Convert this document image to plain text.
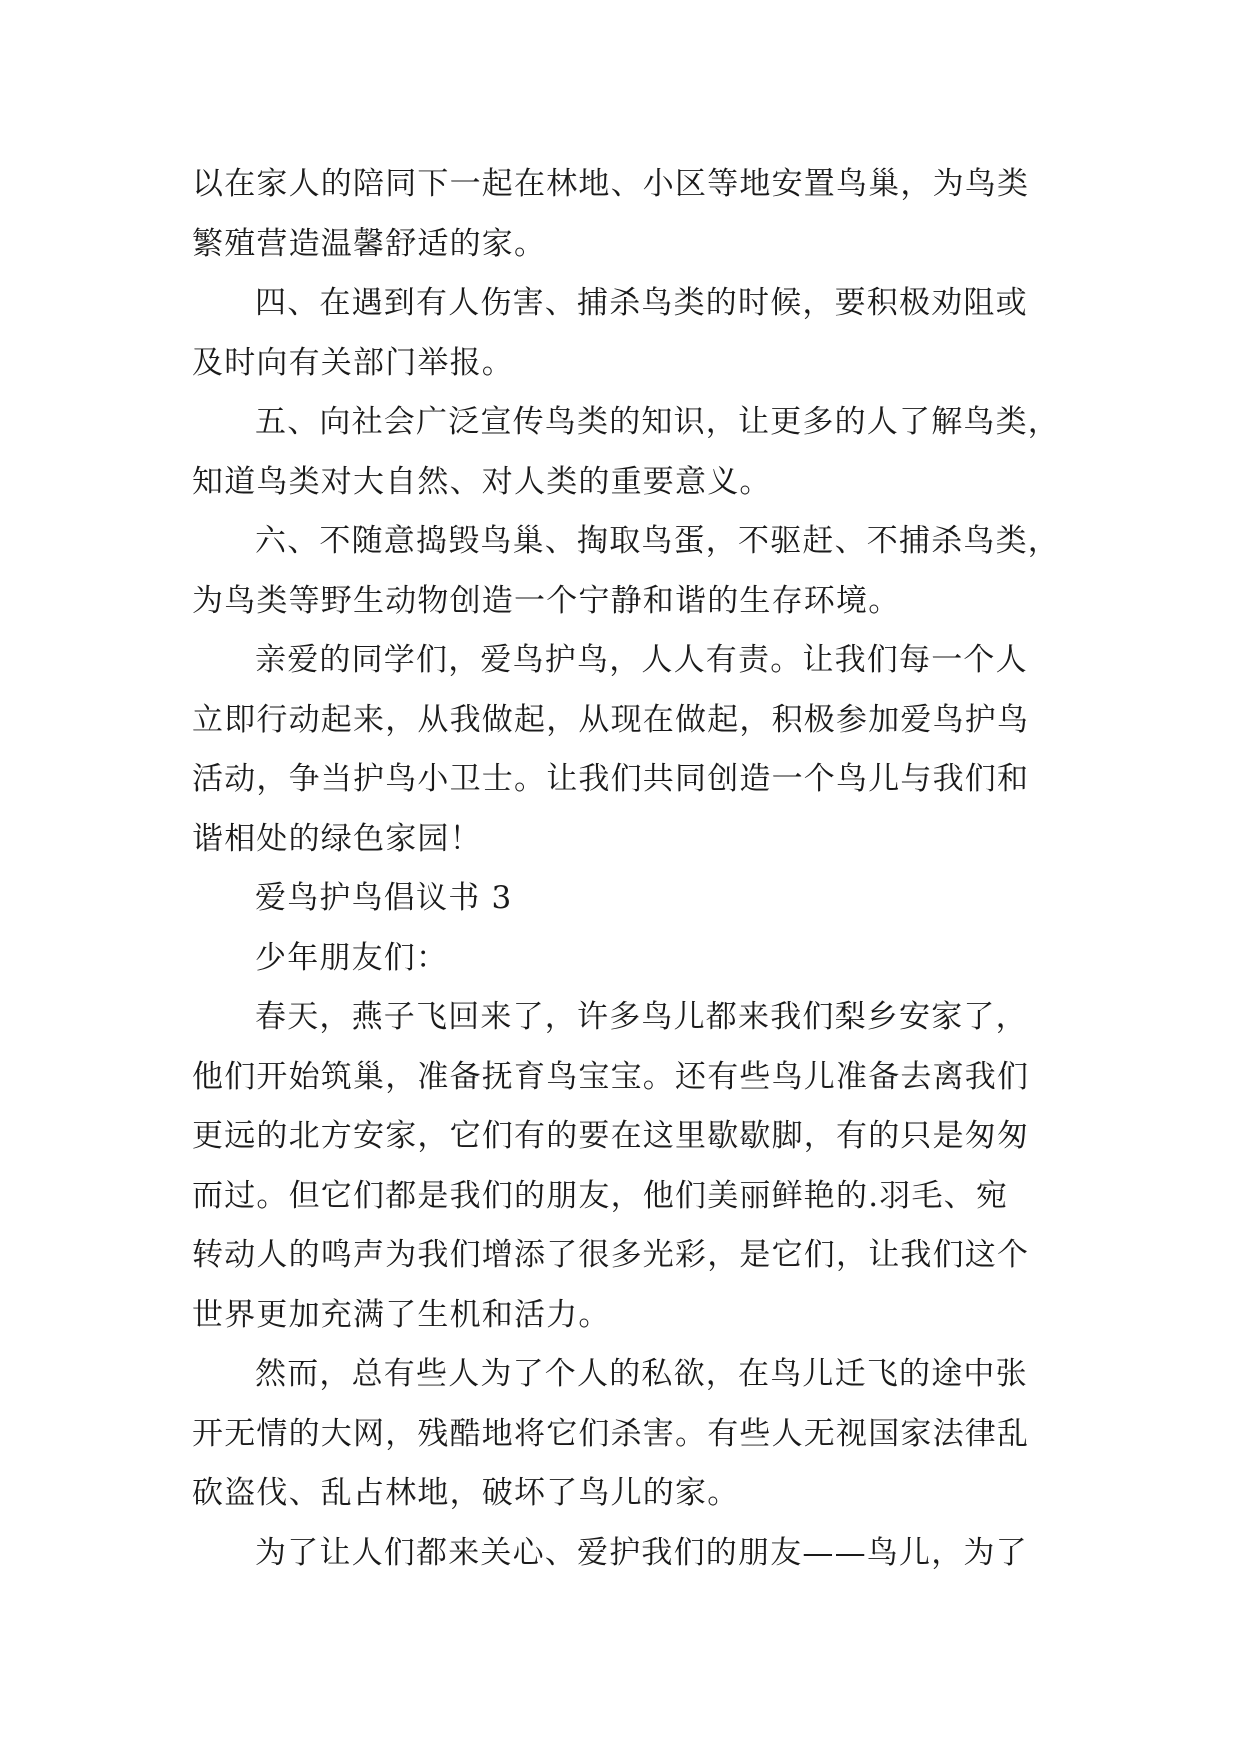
以在家人的陪同下一起在林地、小区等地安置鸟巢，为鸟类
繁殖营造温馨舒适的家。
四、在遇到有人伤害、捕杀鸟类的时候，要积极劝阻或
及时向有关部门举报。
五、向社会广泛宣传鸟类的知识，让更多的人了解鸟类，
知道鸟类对大自然、对人类的重要意义。
六、不随意捣毁鸟巢、掏取鸟蛋，不驱赶、不捕杀鸟类，
为鸟类等野生动物创造一个宁静和谐的生存环境。
亲爱的同学们，爱鸟护鸟，人人有责。让我们每一个人
立即行动起来，从我做起，从现在做起，积极参加爱鸟护鸟
活动，争当护鸟小卫士。让我们共同创造一个鸟儿与我们和
谐相处的绿色家园！
爱鸟护鸟倡议书 3
少年朋友们：
春天，燕子飞回来了，许多鸟儿都来我们梨乡安家了，
他们开始筑巢，准备抚育鸟宝宝。还有些鸟儿准备去离我们
更远的北方安家，它们有的要在这里歇歇脚，有的只是匆匆
而过。但它们都是我们的朋友，他们美丽鲜艳的.羽毛、宛
转动人的鸣声为我们增添了很多光彩，是它们，让我们这个
世界更加充满了生机和活力。
然而，总有些人为了个人的私欲，在鸟儿迁飞的途中张
开无情的大网，残酷地将它们杀害。有些人无视国家法律乱
砍盗伐、乱占林地，破坏了鸟儿的家。
为了让人们都来关心、爱护我们的朋友——鸟儿，为了
